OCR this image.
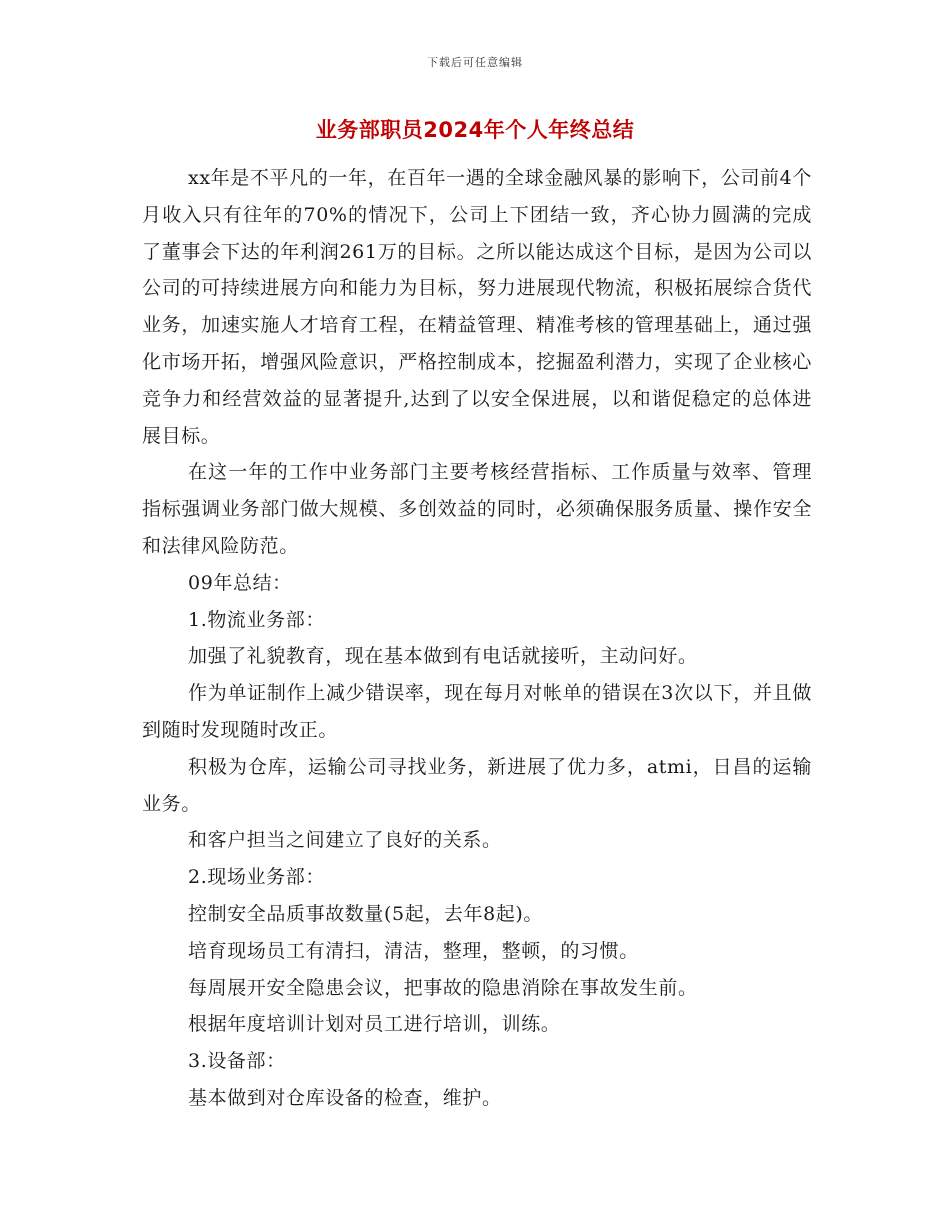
下载后可任意编辑
业务部职员2024年个人年终总结

xx年是不平凡的一年，在百年一遇的全球金融风暴的影响下，公司前4个月收入只有往年的70%的情况下，公司上下团结一致，齐心协力圆满的完成了董事会下达的年利润261万的目标。之所以能达成这个目标，是因为公司以公司的可持续进展方向和能力为目标，努力进展现代物流，积极拓展综合货代业务，加速实施人才培育工程，在精益管理、精准考核的管理基础上，通过强化市场开拓，增强风险意识，严格控制成本，挖掘盈利潜力，实现了企业核心竞争力和经营效益的显著提升,达到了以安全保进展，以和谐促稳定的总体进展目标。

在这一年的工作中业务部门主要考核经营指标、工作质量与效率、管理指标强调业务部门做大规模、多创效益的同时，必须确保服务质量、操作安全和法律风险防范。

09年总结：

1.物流业务部：

加强了礼貌教育，现在基本做到有电话就接听，主动问好。

作为单证制作上减少错误率，现在每月对帐单的错误在3次以下，并且做到随时发现随时改正。

积极为仓库，运输公司寻找业务，新进展了优力多，atmi，日昌的运输业务。

和客户担当之间建立了良好的关系。

2.现场业务部：

控制安全品质事故数量(5起，去年8起)。

培育现场员工有清扫，清洁，整理，整顿，的习惯。

每周展开安全隐患会议，把事故的隐患消除在事故发生前。

根据年度培训计划对员工进行培训，训练。

3.设备部：

基本做到对仓库设备的检查，维护。
